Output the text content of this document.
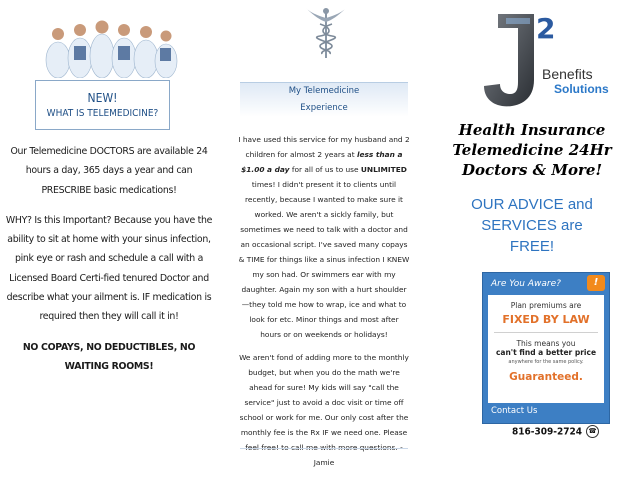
NEW!
WHAT IS TELEMEDICINE?

Our Telemedicine DOCTORS are available 24 hours a day, 365 days a year and can PRESCRIBE basic medications!

WHY? Is this Important? Because you have the ability to sit at home with your sinus infection, pink eye or rash and schedule a call with a Licensed Board Certi-fied tenured Doctor and describe what your ailment is. IF medication is required then they will call it in!

NO COPAYS, NO DEDUCTIBLES, NO WAITING ROOMS!

My Telemedicine
Experience

I have used this service for my husband and 2 children for almost 2 years at less than a $1.00 a day for all of us to use UNLIMITED times! I didn't present it to clients until recently, because I wanted to make sure it worked. We aren't a sickly family, but sometimes we need to talk with a doctor and an occasional script. I've saved many copays & TIME for things like a sinus infection I KNEW my son had. Or swimmers ear with my daughter. Again my son with a hurt shoulder—they told me how to wrap, ice and what to look for etc. Minor things and most after hours or on weekends or holidays!

We aren't fond of adding more to the monthly budget, but when you do the math we're ahead for sure! My kids will say "call the service" just to avoid a doc visit or time off school or work for me. Our only cost after the monthly fee is the Rx IF we need one. Please Jamie

2
Benefits
Solutions
Health Insurance
Telemedicine 24Hr
Doctors & More!
OUR ADVICE and
SERVICES are
FREE!
Are You Aware?	!
Plan premiums are
FIXED BY LAW
This means you
can't find a better price
anywhere for the same policy.
Guaranteed.
Contact Us
816-309-2724 ☎
